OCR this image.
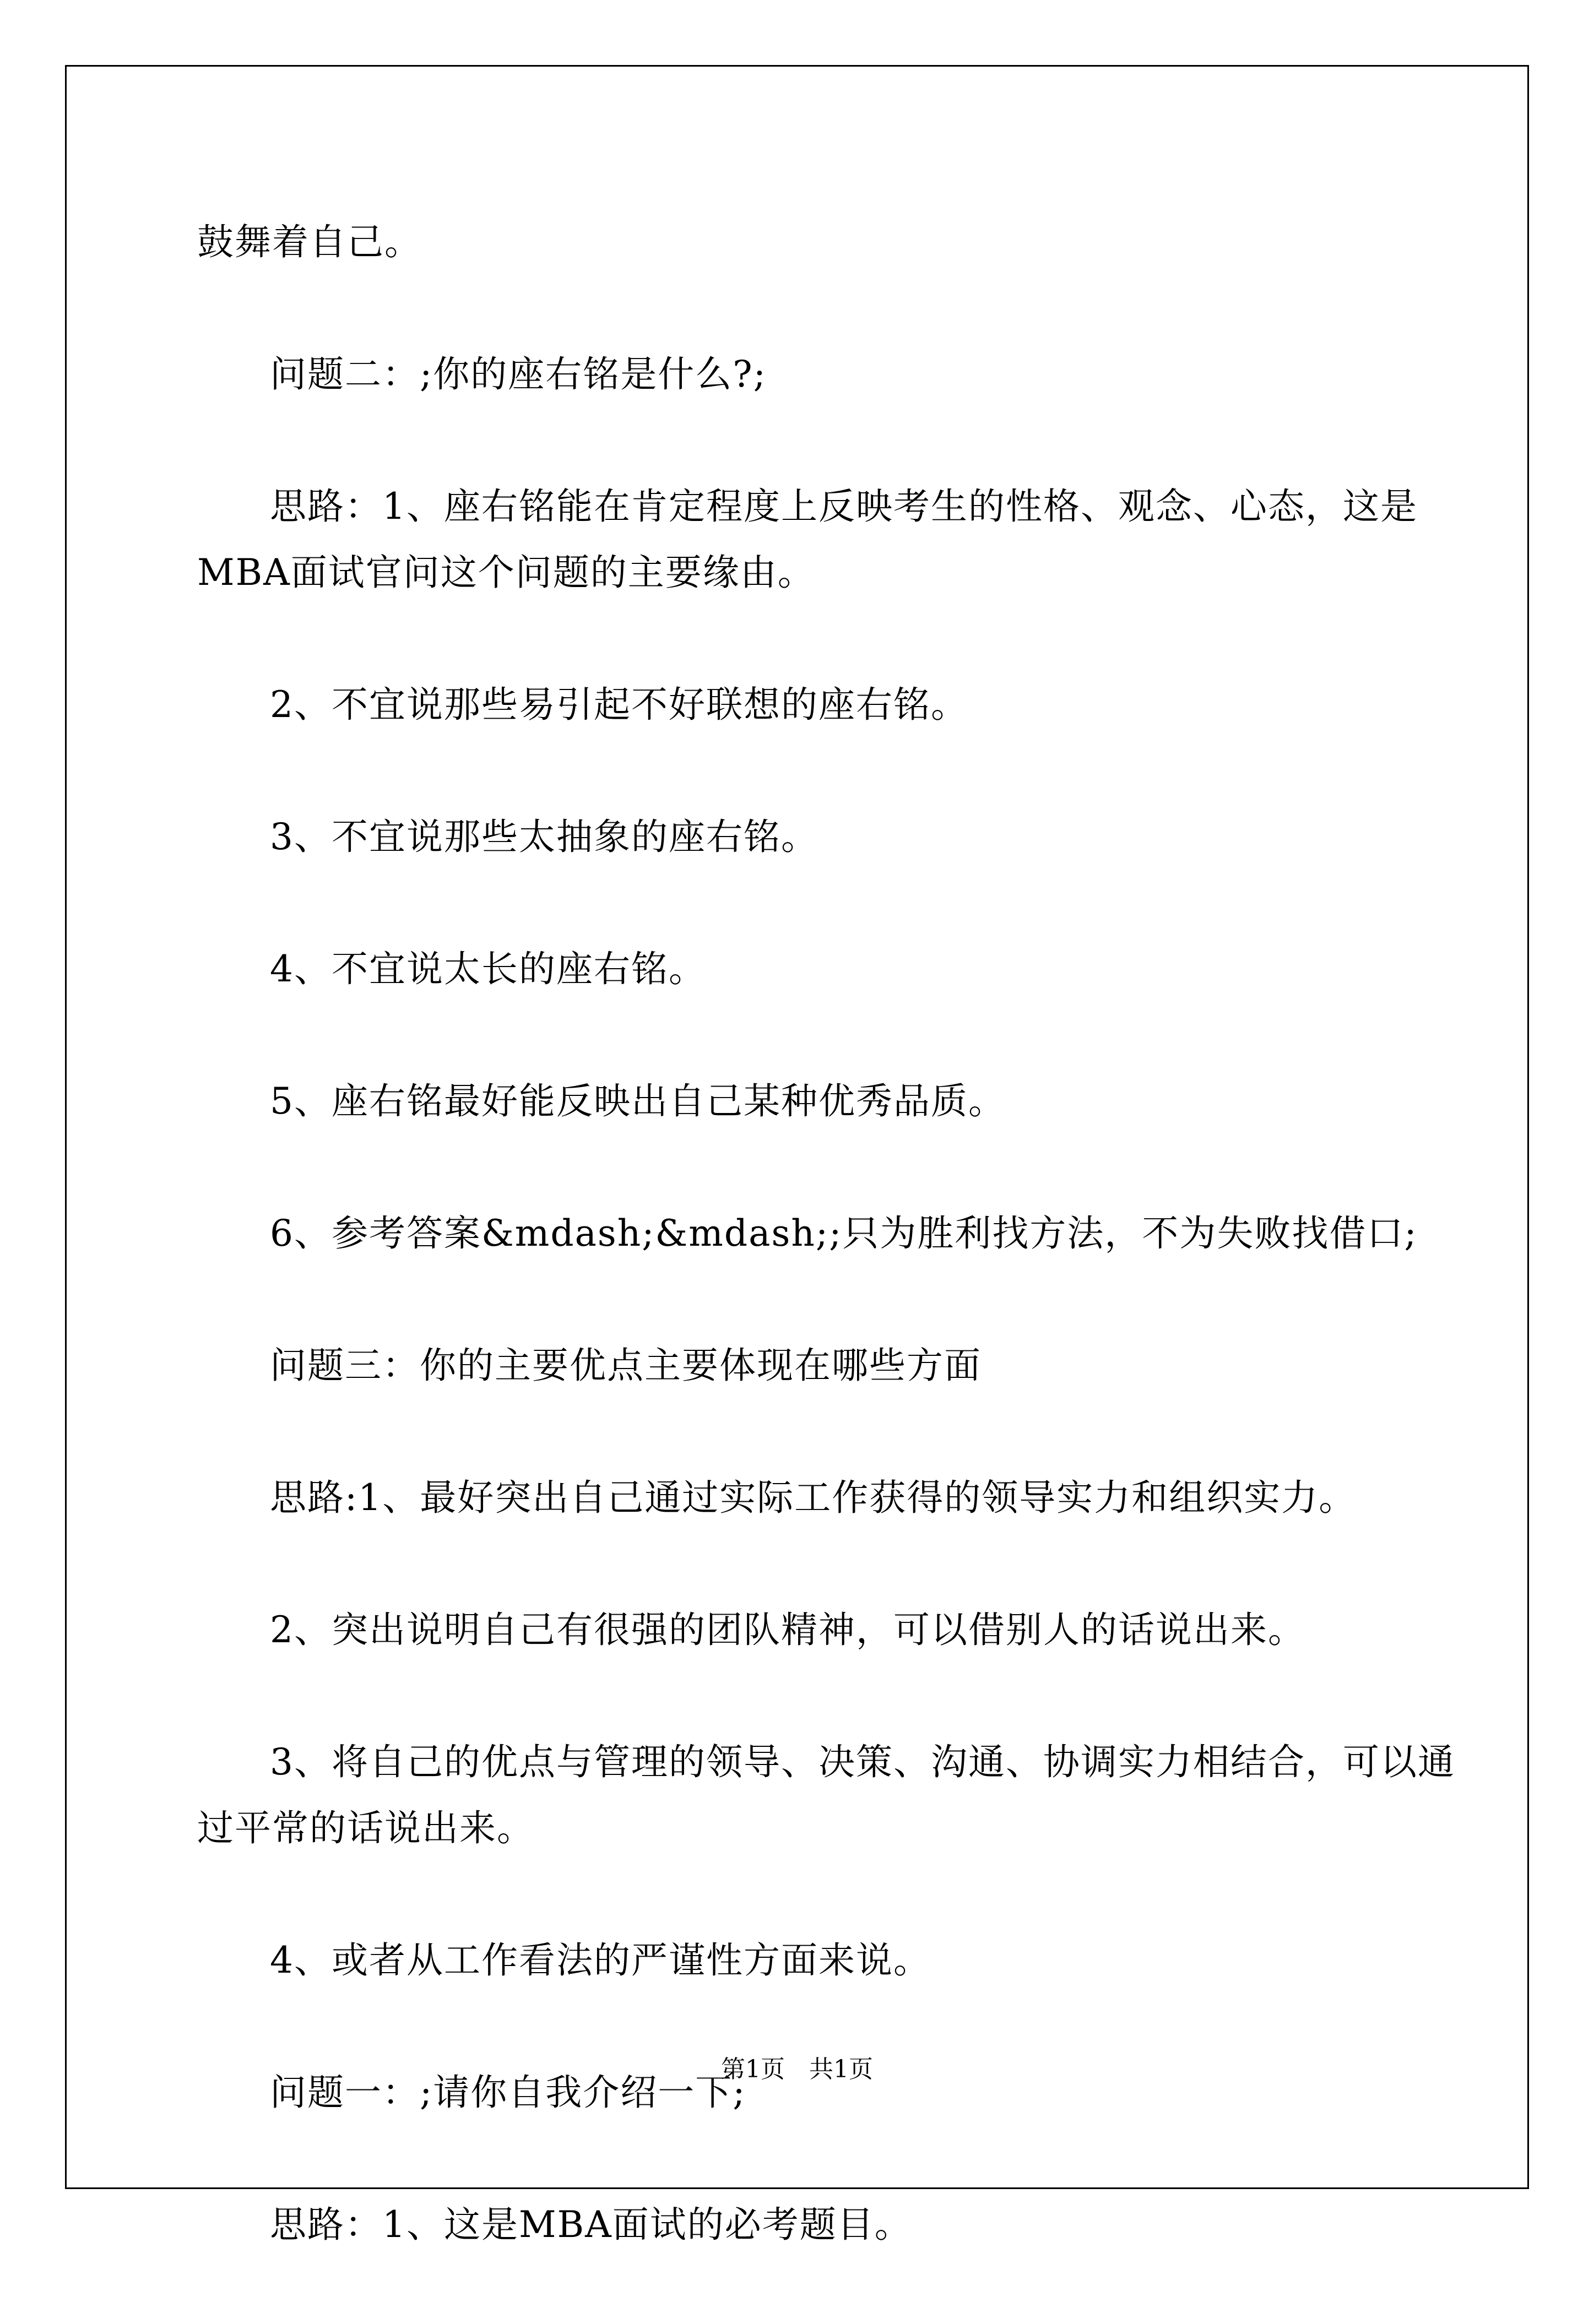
鼓舞着自己。

问题二：;你的座右铭是什么?;

思路：1、座右铭能在肯定程度上反映考生的性格、观念、心态，这是MBA面试官问这个问题的主要缘由。

2、不宜说那些易引起不好联想的座右铭。

3、不宜说那些太抽象的座右铭。

4、不宜说太长的座右铭。

5、座右铭最好能反映出自己某种优秀品质。

6、参考答案&mdash;&mdash;;只为胜利找方法，不为失败找借口;

问题三：你的主要优点主要体现在哪些方面

思路:1、最好突出自己通过实际工作获得的领导实力和组织实力。

2、突出说明自己有很强的团队精神，可以借别人的话说出来。

3、将自己的优点与管理的领导、决策、沟通、协调实力相结合，可以通过平常的话说出来。

4、或者从工作看法的严谨性方面来说。

问题一：;请你自我介绍一下;

思路：1、这是MBA面试的必考题目。

第1页　共1页
